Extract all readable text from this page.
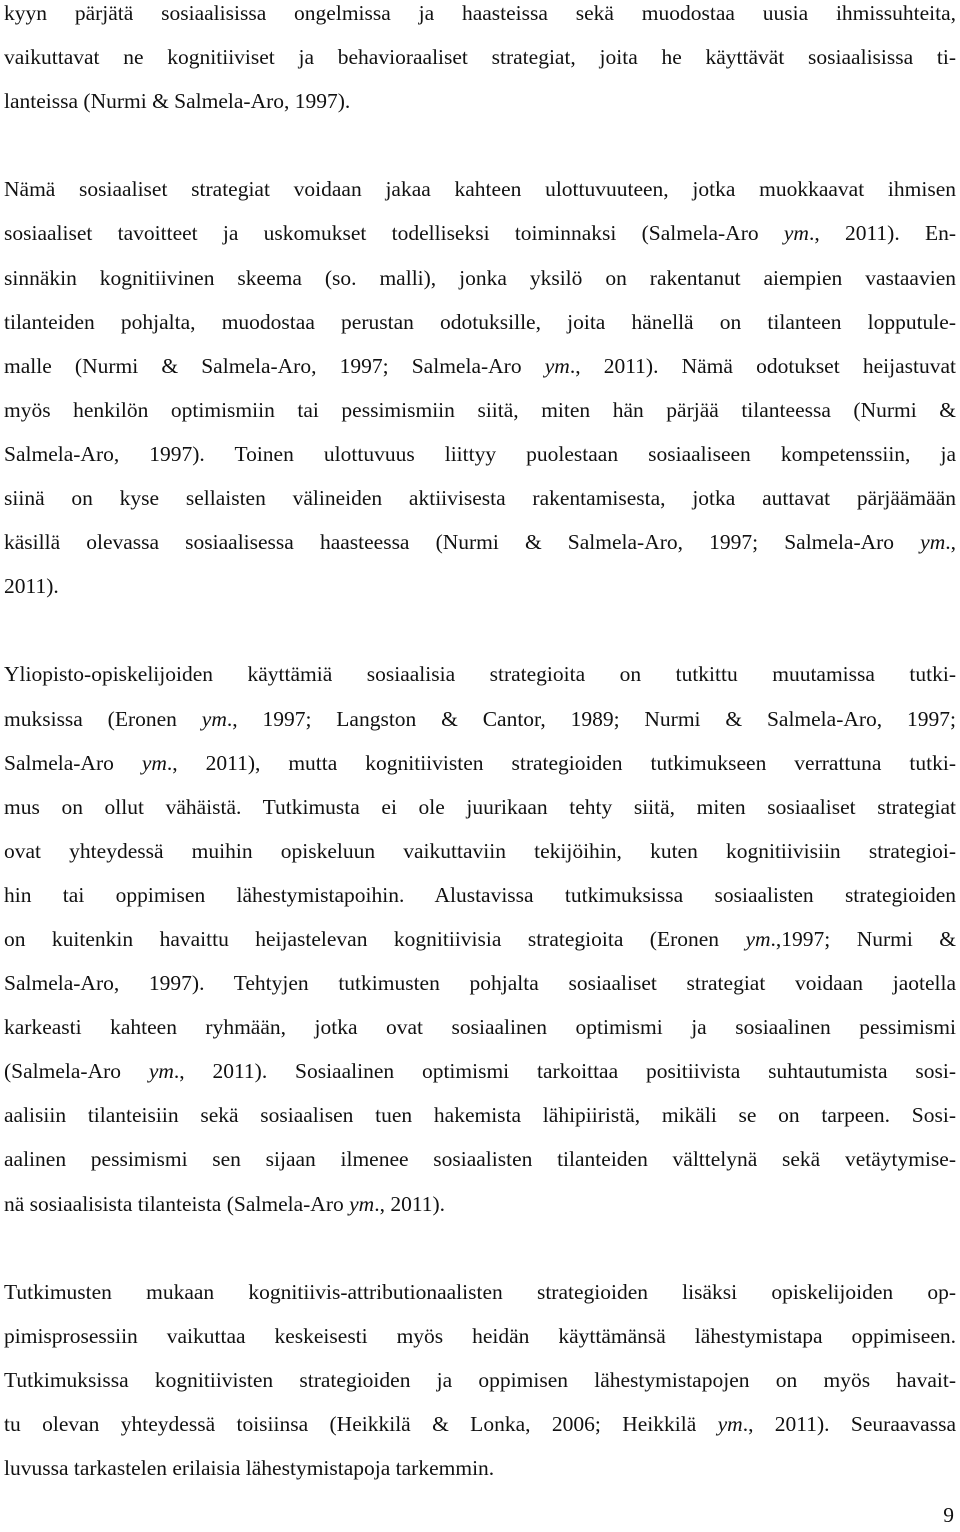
kyyn pärjätä sosiaalisissa ongelmissa ja haasteissa sekä muodostaa uusia ihmissuhteita,
vaikuttavat ne kognitiiviset ja behavioraaliset strategiat, joita he käyttävät sosiaalisissa ti-
lanteissa (Nurmi & Salmela-Aro, 1997).
Nämä sosiaaliset strategiat voidaan jakaa kahteen ulottuvuuteen, jotka muokkaavat ihmisen
sosiaaliset tavoitteet ja uskomukset todelliseksi toiminnaksi (Salmela-Aro ym., 2011). En-
sinnäkin kognitiivinen skeema (so. malli), jonka yksilö on rakentanut aiempien vastaavien
tilanteiden pohjalta, muodostaa perustan odotuksille, joita hänellä on tilanteen lopputule-
malle (Nurmi & Salmela-Aro, 1997; Salmela-Aro ym., 2011). Nämä odotukset heijastuvat
myös henkilön optimismiin tai pessimismiin siitä, miten hän pärjää tilanteessa (Nurmi &
Salmela-Aro, 1997). Toinen ulottuvuus liittyy puolestaan sosiaaliseen kompetenssiin, ja
siinä on kyse sellaisten välineiden aktiivisesta rakentamisesta, jotka auttavat pärjäämään
käsillä olevassa sosiaalisessa haasteessa (Nurmi & Salmela-Aro, 1997; Salmela-Aro ym.,
2011).
Yliopisto-opiskelijoiden käyttämiä sosiaalisia strategioita on tutkittu muutamissa tutki-
muksissa (Eronen ym., 1997; Langston & Cantor, 1989; Nurmi & Salmela-Aro, 1997;
Salmela-Aro ym., 2011), mutta kognitiivisten strategioiden tutkimukseen verrattuna tutki-
mus on ollut vähäistä. Tutkimusta ei ole juurikaan tehty siitä, miten sosiaaliset strategiat
ovat yhteydessä muihin opiskeluun vaikuttaviin tekijöihin, kuten kognitiivisiin strategioi-
hin tai oppimisen lähestymistapoihin. Alustavissa tutkimuksissa sosiaalisten strategioiden
on kuitenkin havaittu heijastelevan kognitiivisia strategioita (Eronen ym.,1997; Nurmi &
Salmela-Aro, 1997). Tehtyjen tutkimusten pohjalta sosiaaliset strategiat voidaan jaotella
karkeasti kahteen ryhmään, jotka ovat sosiaalinen optimismi ja sosiaalinen pessimismi
(Salmela-Aro ym., 2011). Sosiaalinen optimismi tarkoittaa positiivista suhtautumista sosi-
aalisiin tilanteisiin sekä sosiaalisen tuen hakemista lähipiiristä, mikäli se on tarpeen. Sosi-
aalinen pessimismi sen sijaan ilmenee sosiaalisten tilanteiden välttelynä sekä vetäytymise-
nä sosiaalisista tilanteista (Salmela-Aro ym., 2011).
Tutkimusten mukaan kognitiivis-attributionaalisten strategioiden lisäksi opiskelijoiden op-
pimisprosessiin vaikuttaa keskeisesti myös heidän käyttämänsä lähestymistapa oppimiseen.
Tutkimuksissa kognitiivisten strategioiden ja oppimisen lähestymistapojen on myös havait-
tu olevan yhteydessä toisiinsa (Heikkilä & Lonka, 2006; Heikkilä ym., 2011). Seuraavassa
luvussa tarkastelen erilaisia lähestymistapoja tarkemmin.
9
